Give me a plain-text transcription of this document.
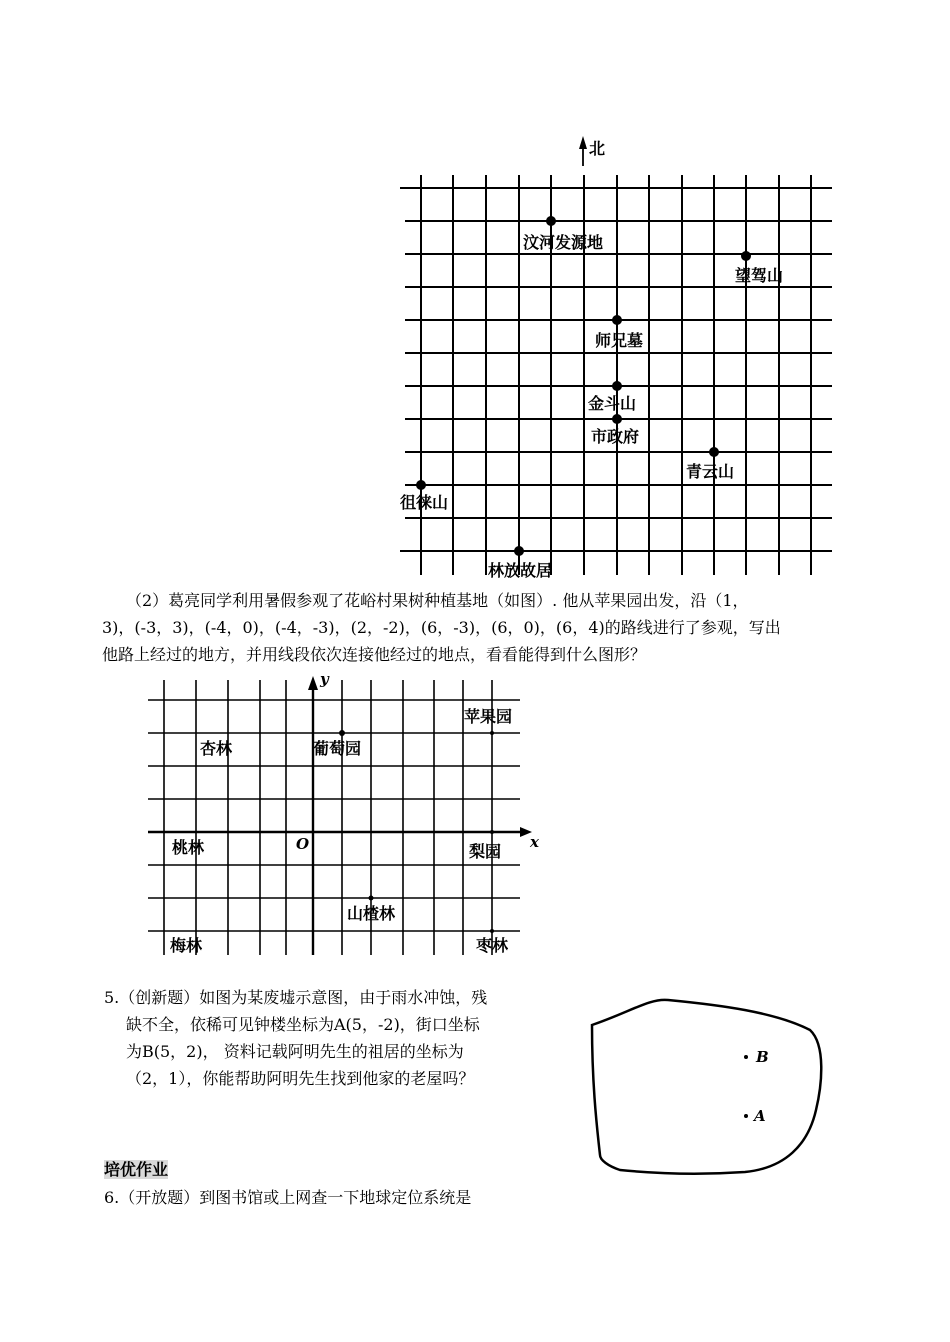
北
汶河发源地
望驾山
师兄墓
金斗山
市政府
青云山
徂徕山
林放故居
（2）葛亮同学利用暑假参观了花峪村果树种植基地（如图）. 他从苹果园出发，沿（1，
3)，(-3，3)，(-4，0)，(-4，-3)，(2，-2)，(6，-3)，(6，0)，(6，4)的路线进行了参观，写出
他路上经过的地方，并用线段依次连接他经过的地点，看看能得到什么图形？
y
x
O
苹果园
杏林	葡萄园
桃林	梨园
山楂林
梅林	枣林
5.（创新题）如图为某废墟示意图，由于雨水冲蚀，残
缺不全，依稀可见钟楼坐标为A(5，-2)，街口坐标
为B(5，2)， 资料记载阿明先生的祖居的坐标为
（2，1），你能帮助阿明先生找到他家的老屋吗？
B
A
培优作业
6.（开放题）到图书馆或上网查一下地球定位系统是
